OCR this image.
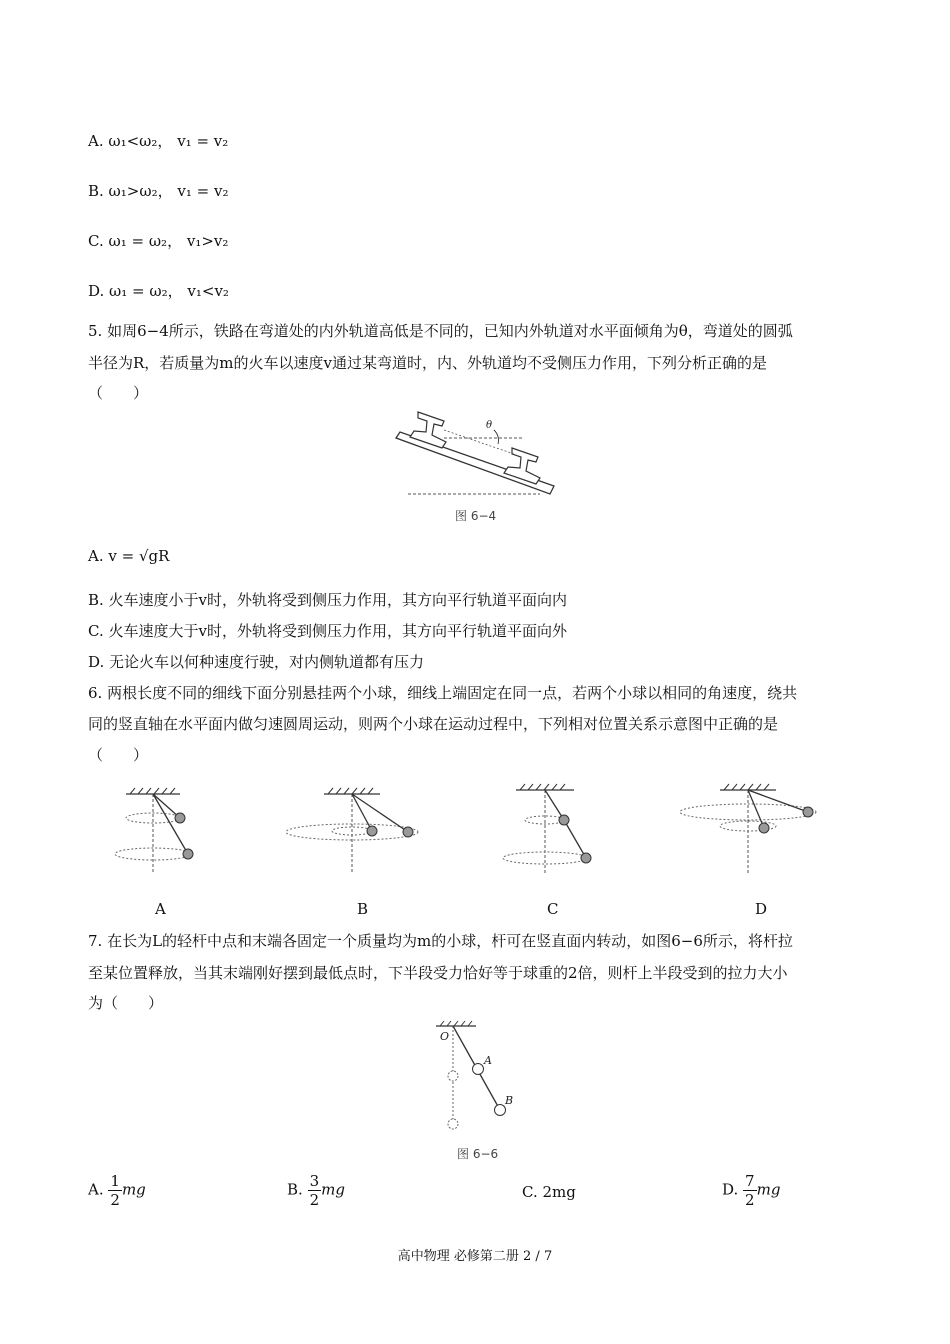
A. ω₁<ω₂， v₁ = v₂
B. ω₁>ω₂， v₁ = v₂
C. ω₁ = ω₂， v₁>v₂
D. ω₁ = ω₂， v₁<v₂
5. 如周6−4所示，铁路在弯道处的内外轨道高低是不同的，已知内外轨道对水平面倾角为θ，弯道处的圆弧
半径为R，若质量为m的火车以速度v通过某弯道时，内、外轨道均不受侧压力作用，下列分析正确的是
（　　）
θ
图 6−4
A. v = √gR
B. 火车速度小于v时，外轨将受到侧压力作用，其方向平行轨道平面向内
C. 火车速度大于v时，外轨将受到侧压力作用，其方向平行轨道平面向外
D. 无论火车以何种速度行驶，对内侧轨道都有压力
6. 两根长度不同的细线下面分别悬挂两个小球，细线上端固定在同一点，若两个小球以相同的角速度，绕共
同的竖直轴在水平面内做匀速圆周运动，则两个小球在运动过程中，下列相对位置关系示意图中正确的是
（　　）
A	B	C	D
7. 在长为L的轻杆中点和末端各固定一个质量均为m的小球，杆可在竖直面内转动，如图6−6所示，将杆拉
至某位置释放，当其末端刚好摆到最低点时，下半段受力恰好等于球重的2倍，则杆上半段受到的拉力大小
为（　　）
O
A
B
图 6−6
A. $\frac{1}{2}$ mg	B. $\frac{3}{2}$ mg	C. 2mg	D. $\frac{7}{2}$ mg
高中物理 必修第二册 2 / 7
